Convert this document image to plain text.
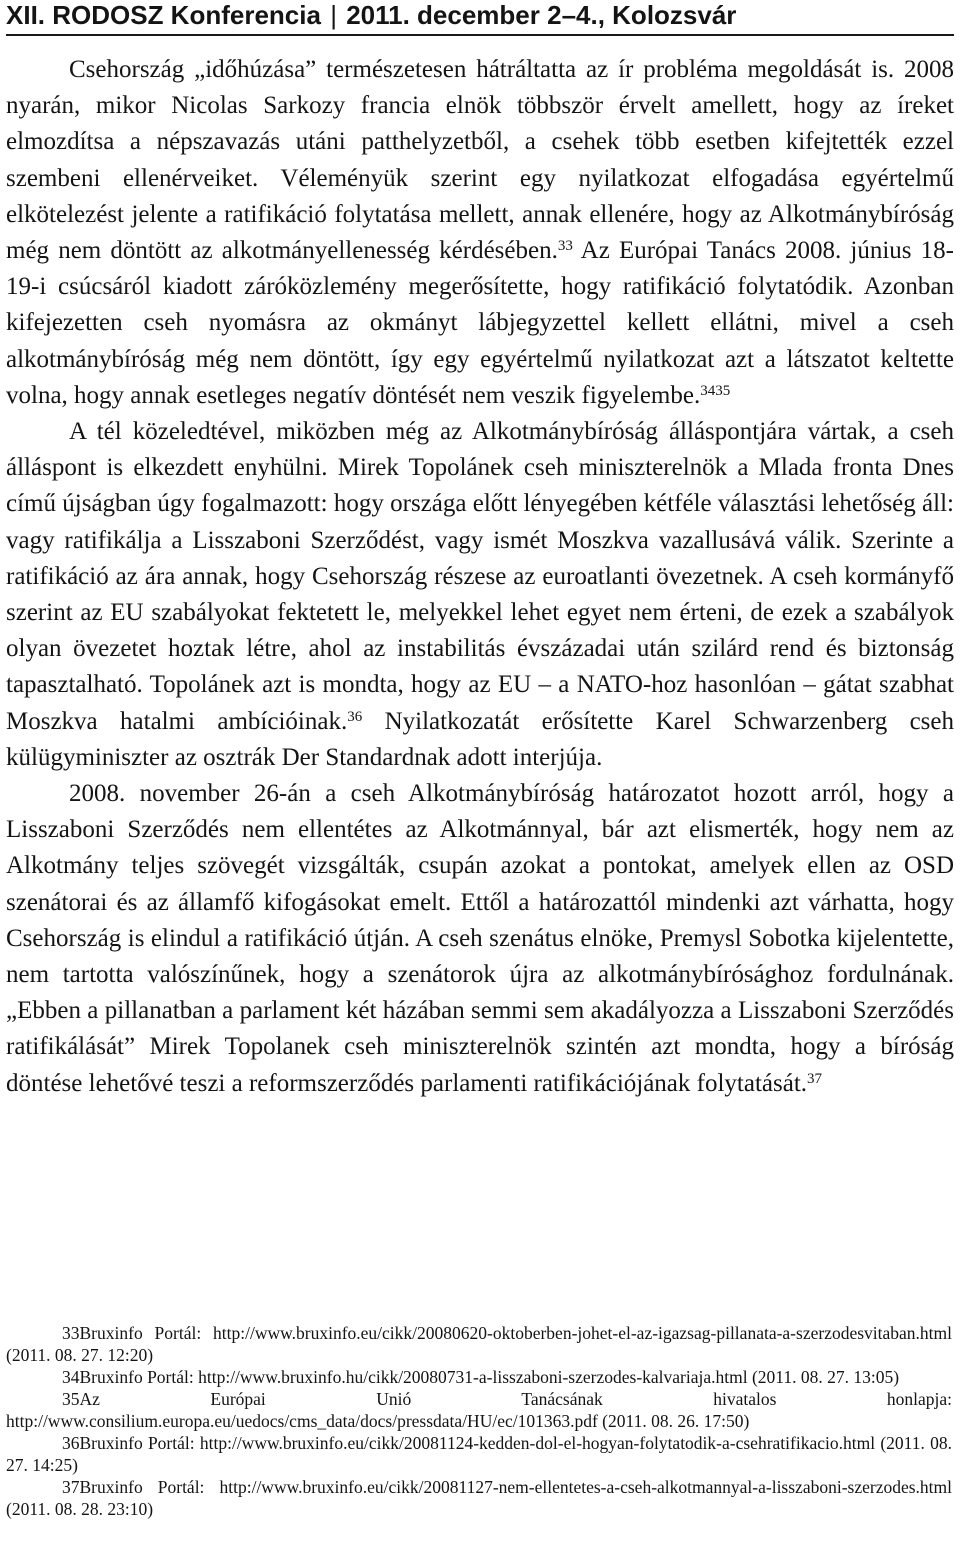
XII. RODOSZ Konferencia | 2011. december 2–4., Kolozsvár

Csehország „időhúzása” természetesen hátráltatta az ír probléma megoldását is. 2008 nyarán, mikor Nicolas Sarkozy francia elnök többször érvelt amellett, hogy az íreket elmozdítsa a népszavazás utáni patthelyzetből, a csehek több esetben kifejtették ezzel szembeni ellenérveiket. Véleményük szerint egy nyilatkozat elfogadása egyértelmű elkötelezést jelente a ratifikáció folytatása mellett, annak ellenére, hogy az Alkotmánybíróság még nem döntött az alkotmányellenesség kérdésében.$^{33}$ Az Európai Tanács 2008. június 18-19-i csúcsáról kiadott záróközlemény megerősítette, hogy ratifikáció folytatódik. Azonban kifejezetten cseh nyomásra az okmányt lábjegyzettel kellett ellátni, mivel a cseh alkotmánybíróság még nem döntött, így egy egyértelmű nyilatkozat azt a látszatot keltette volna, hogy annak esetleges negatív döntését nem veszik figyelembe.$^{3435}$

A tél közeledtével, miközben még az Alkotmánybíróság álláspontjára vártak, a cseh álláspont is elkezdett enyhülni. Mirek Topolánek cseh miniszterelnök a Mlada fronta Dnes című újságban úgy fogalmazott: hogy országa előtt lényegében kétféle választási lehetőség áll: vagy ratifikálja a Lisszaboni Szerződést, vagy ismét Moszkva vazallusává válik. Szerinte a ratifikáció az ára annak, hogy Csehország részese az euroatlanti övezetnek. A cseh kormányfő szerint az EU szabályokat fektetett le, melyekkel lehet egyet nem érteni, de ezek a szabályok olyan övezetet hoztak létre, ahol az instabilitás évszázadai után szilárd rend és biztonság tapasztalható. Topolánek azt is mondta, hogy az EU – a NATO-hoz hasonlóan – gátat szabhat Moszkva hatalmi ambícióinak.$^{36}$ Nyilatkozatát erősítette Karel Schwarzenberg cseh külügyminiszter az osztrák Der Standardnak adott interjúja.

2008. november 26-án a cseh Alkotmánybíróság határozatot hozott arról, hogy a Lisszaboni Szerződés nem ellentétes az Alkotmánnyal, bár azt elismerték, hogy nem az Alkotmány teljes szövegét vizsgálták, csupán azokat a pontokat, amelyek ellen az OSD szenátorai és az államfő kifogásokat emelt. Ettől a határozattól mindenki azt várhatta, hogy Csehország is elindul a ratifikáció útján. A cseh szenátus elnöke, Premysl Sobotka kijelentette, nem tartotta valószínűnek, hogy a szenátorok újra az alkotmánybírósághoz fordulnának. „Ebben a pillanatban a parlament két házában semmi sem akadályozza a Lisszaboni Szerződés ratifikálását” Mirek Topolanek cseh miniszterelnök szintén azt mondta, hogy a bíróság döntése lehetővé teszi a reformszerződés parlamenti ratifikációjának folytatását.$^{37}$

33Bruxinfo Portál: http://www.bruxinfo.eu/cikk/20080620-oktoberben-johet-el-az-igazsag-pillanata-a-szerzodesvitaban.html (2011. 08. 27. 12:20)

34Bruxinfo Portál: http://www.bruxinfo.hu/cikk/20080731-a-lisszaboni-szerzodes-kalvariaja.html (2011. 08. 27. 13:05)

35Az Európai Unió Tanácsának hivatalos honlapja: http://www.consilium.europa.eu/uedocs/cms_data/docs/pressdata/HU/ec/101363.pdf (2011. 08. 26. 17:50)

36Bruxinfo Portál: http://www.bruxinfo.eu/cikk/20081124-kedden-dol-el-hogyan-folytatodik-a-csehratifikacio.html (2011. 08. 27. 14:25)

37Bruxinfo Portál: http://www.bruxinfo.eu/cikk/20081127-nem-ellentetes-a-cseh-alkotmannyal-a-lisszaboni-szerzodes.html (2011. 08. 28. 23:10)
